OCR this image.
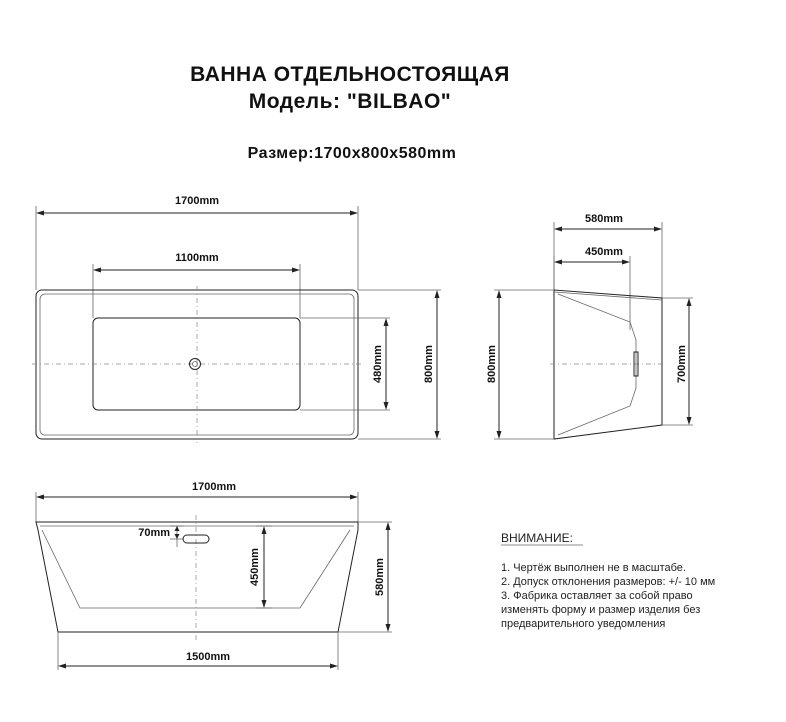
ВАННА ОТДЕЛЬНОСТОЯЩАЯ
Модель: "BILBAO"
Размер:1700x800x580mm
1700mm
1100mm
480mm	800mm
580mm
450mm
800mm	700mm
1700mm
70mm
450mm	580mm
1500mm
ВНИМАНИЕ:
1. Чертёж выполнен не в масштабе.
2. Допуск отклонения размеров: +/- 10 мм
3. Фабрика оставляет за собой право
изменять форму и размер изделия без
предварительного уведомления
